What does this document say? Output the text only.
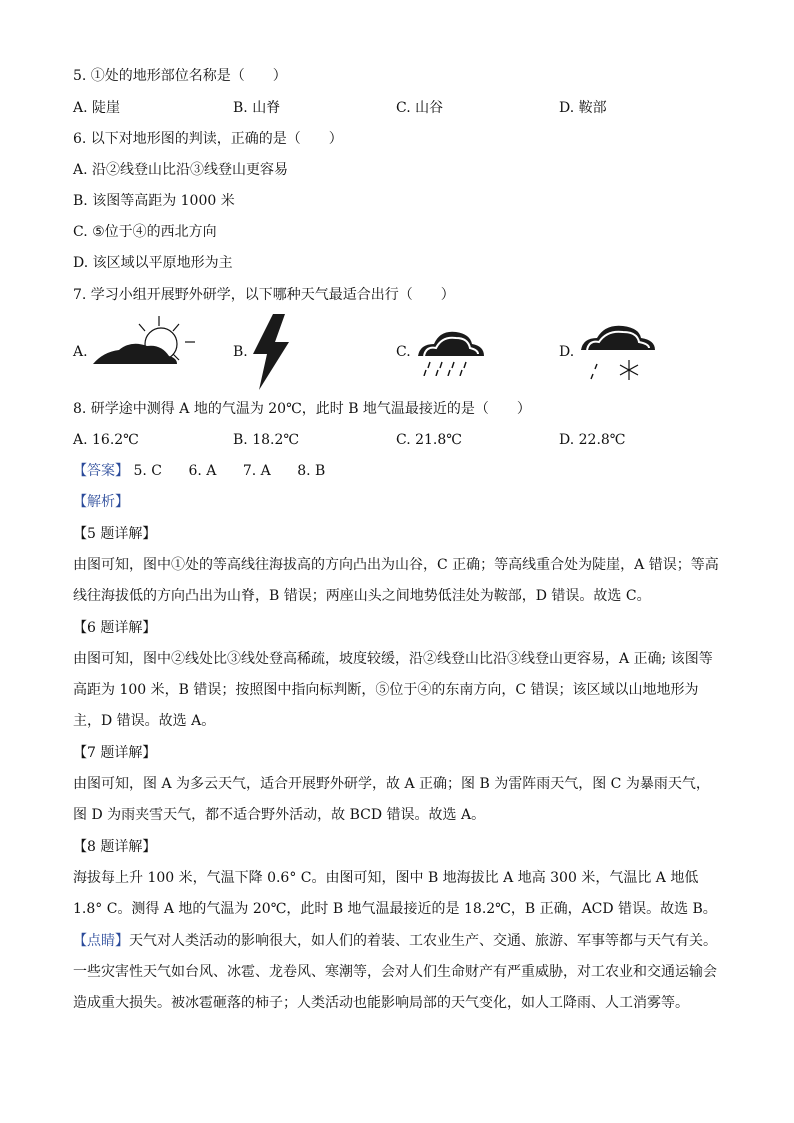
5. ①处的地形部位名称是（　　）
A. 陡崖	B. 山脊	C. 山谷	D. 鞍部
6. 以下对地形图的判读，正确的是（　　）
A. 沿②线登山比沿③线登山更容易
B. 该图等高距为 1000 米
C. ⑤位于④的西北方向
D. 该区域以平原地形为主
7. 学习小组开展野外研学，以下哪种天气最适合出行（　　）
A.	B.	C.	D.
8. 研学途中测得 A 地的气温为 20℃，此时 B 地气温最接近的是（　　）
A. 16.2℃	B. 18.2℃	C. 21.8℃	D. 22.8℃
【答案】 5. C 6. A 7. A 8. B
【解析】
【5 题详解】
由图可知，图中①处的等高线往海拔高的方向凸出为山谷，C 正确；等高线重合处为陡崖，A 错误；等高线往海拔低的方向凸出为山脊，B 错误；两座山头之间地势低洼处为鞍部，D 错误。故选 C。
【6 题详解】
由图可知，图中②线处比③线处登高稀疏，坡度较缓，沿②线登山比沿③线登山更容易，A 正确; 该图等高距为 100 米，B 错误；按照图中指向标判断，⑤位于④的东南方向，C 错误；该区域以山地地形为主，D 错误。故选 A。
【7 题详解】
由图可知，图 A 为多云天气，适合开展野外研学，故 A 正确；图 B 为雷阵雨天气，图 C 为暴雨天气，图 D 为雨夹雪天气，都不适合野外活动，故 BCD 错误。故选 A。
【8 题详解】
海拔每上升 100 米，气温下降 0.6° C。由图可知，图中 B 地海拔比 A 地高 300 米，气温比 A 地低 1.8° C。测得 A 地的气温为 20℃，此时 B 地气温最接近的是 18.2℃，B 正确，ACD 错误。故选 B。
【点睛】天气对人类活动的影响很大，如人们的着装、工农业生产、交通、旅游、军事等都与天气有关。一些灾害性天气如台风、冰雹、龙卷风、寒潮等，会对人们生命财产有严重威胁，对工农业和交通运输会造成重大损失。被冰雹砸落的柿子；人类活动也能影响局部的天气变化，如人工降雨、人工消雾等。
